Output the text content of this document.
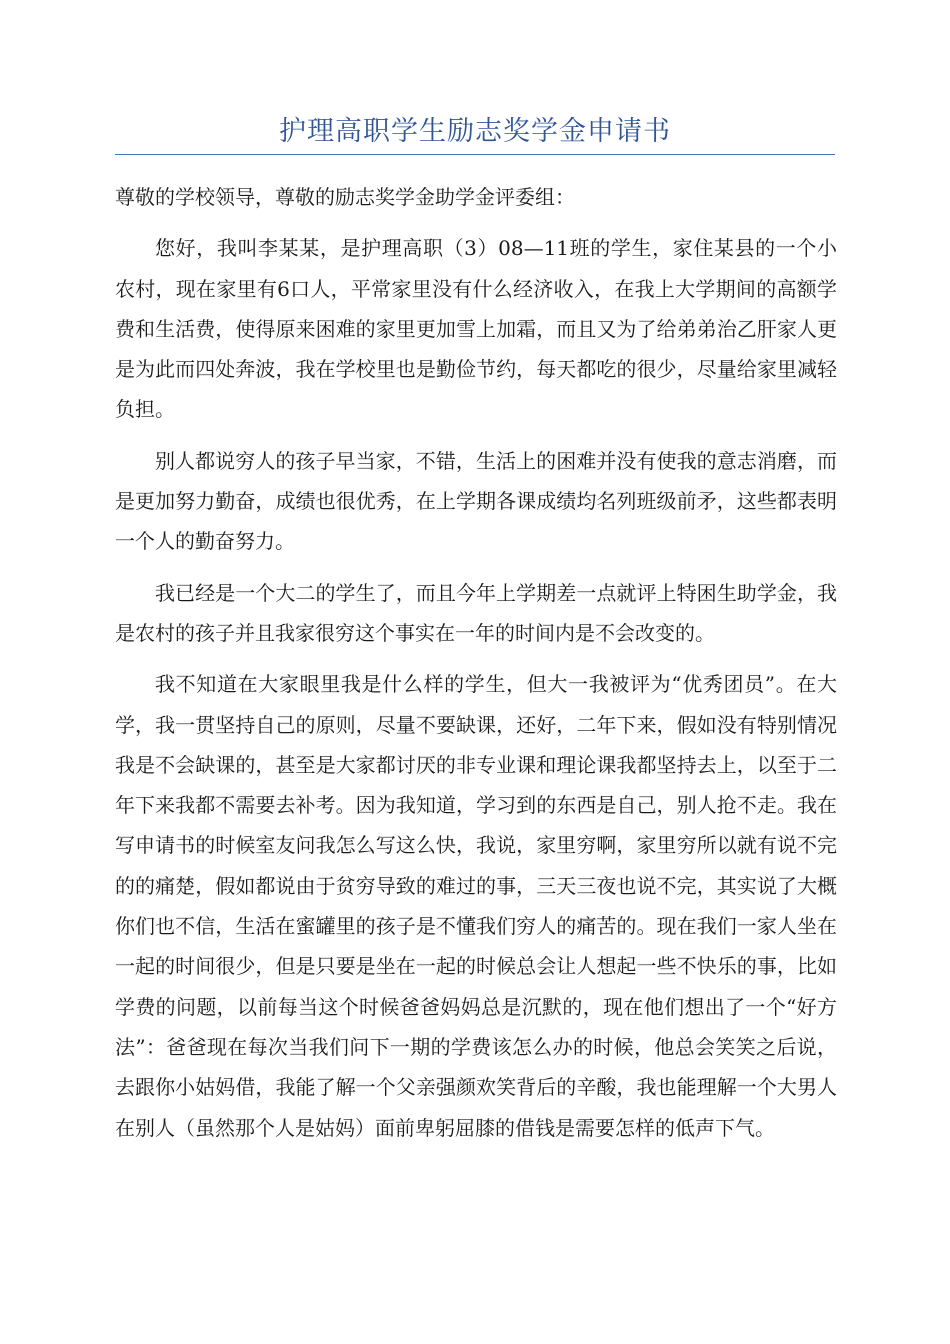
护理高职学生励志奖学金申请书

尊敬的学校领导，尊敬的励志奖学金助学金评委组：

您好，我叫李某某，是护理高职（3）08—11班的学生，家住某县的一个小农村，现在家里有6口人，平常家里没有什么经济收入，在我上大学期间的高额学费和生活费，使得原来困难的家里更加雪上加霜，而且又为了给弟弟治乙肝家人更是为此而四处奔波，我在学校里也是勤俭节约，每天都吃的很少，尽量给家里减轻负担。

别人都说穷人的孩子早当家，不错，生活上的困难并没有使我的意志消磨，而是更加努力勤奋，成绩也很优秀，在上学期各课成绩均名列班级前矛，这些都表明一个人的勤奋努力。

我已经是一个大二的学生了，而且今年上学期差一点就评上特困生助学金，我是农村的孩子并且我家很穷这个事实在一年的时间内是不会改变的。

我不知道在大家眼里我是什么样的学生，但大一我被评为“优秀团员”。在大学，我一贯坚持自己的原则，尽量不要缺课，还好，二年下来，假如没有特别情况我是不会缺课的，甚至是大家都讨厌的非专业课和理论课我都坚持去上，以至于二年下来我都不需要去补考。因为我知道，学习到的东西是自己，别人抢不走。我在写申请书的时候室友问我怎么写这么快，我说，家里穷啊，家里穷所以就有说不完的的痛楚，假如都说由于贫穷导致的难过的事，三天三夜也说不完，其实说了大概你们也不信，生活在蜜罐里的孩子是不懂我们穷人的痛苦的。现在我们一家人坐在一起的时间很少，但是只要是坐在一起的时候总会让人想起一些不快乐的事，比如学费的问题，以前每当这个时候爸爸妈妈总是沉默的，现在他们想出了一个“好方法”：爸爸现在每次当我们问下一期的学费该怎么办的时候，他总会笑笑之后说，去跟你小姑妈借，我能了解一个父亲强颜欢笑背后的辛酸，我也能理解一个大男人在别人（虽然那个人是姑妈）面前卑躬屈膝的借钱是需要怎样的低声下气。
